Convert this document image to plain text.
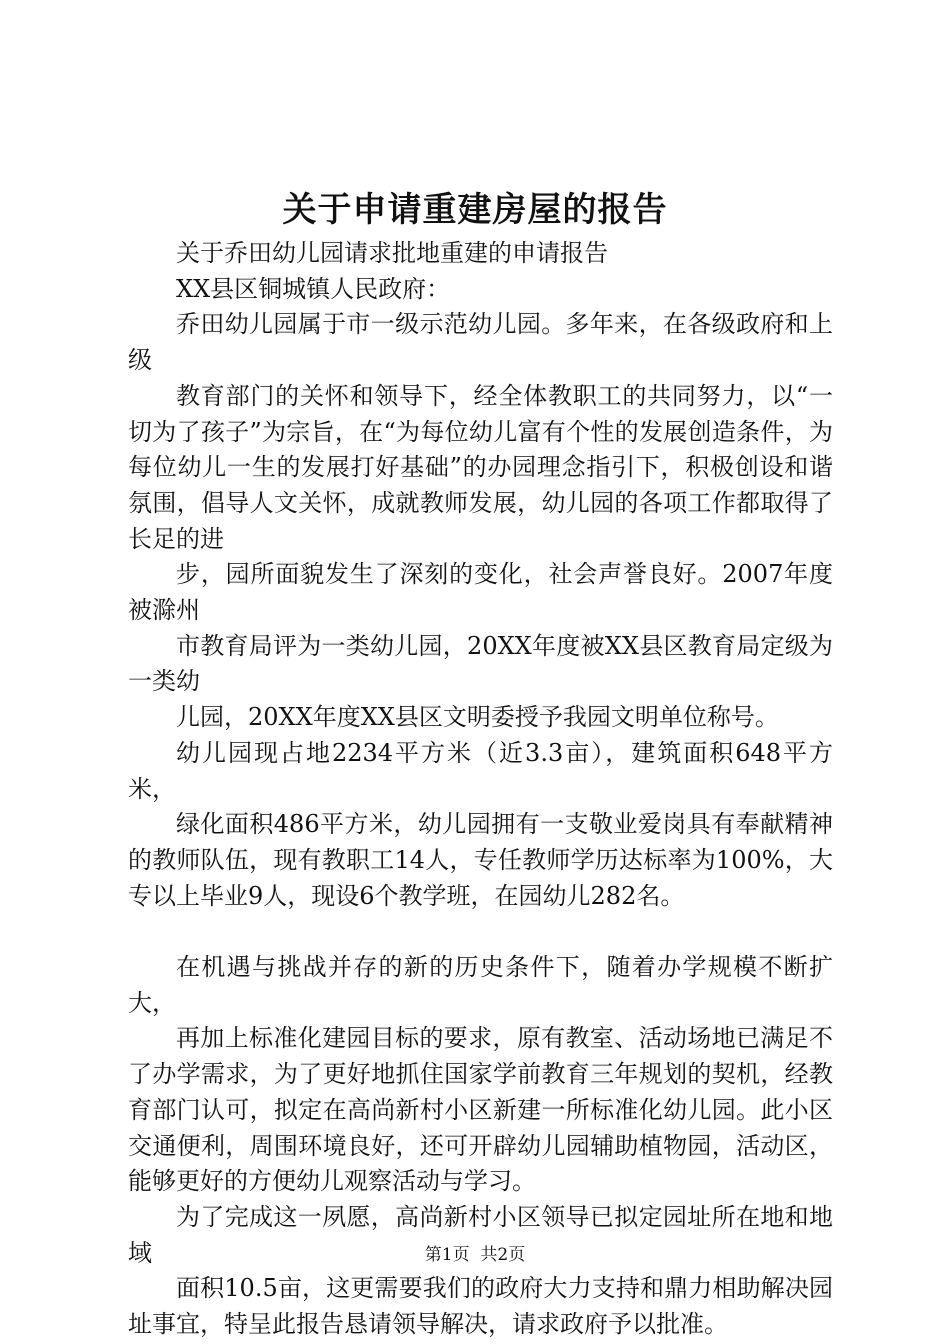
关于申请重建房屋的报告

关于乔田幼儿园请求批地重建的申请报告

XX县区铜城镇人民政府：

乔田幼儿园属于市一级示范幼儿园。多年来，在各级政府和上级

教育部门的关怀和领导下，经全体教职工的共同努力，以“一切为了孩子”为宗旨，在“为每位幼儿富有个性的发展创造条件，为每位幼儿一生的发展打好基础”的办园理念指引下，积极创设和谐氛围，倡导人文关怀，成就教师发展，幼儿园的各项工作都取得了长足的进

步，园所面貌发生了深刻的变化，社会声誉良好。2007年度被滁州

市教育局评为一类幼儿园，20XX年度被XX县区教育局定级为一类幼

儿园，20XX年度XX县区文明委授予我园文明单位称号。

幼儿园现占地2234平方米（近3.3亩），建筑面积648平方米，

绿化面积486平方米，幼儿园拥有一支敬业爱岗具有奉献精神的教师队伍，现有教职工14人，专任教师学历达标率为100%，大专以上毕业9人，现设6个教学班，在园幼儿282名。

在机遇与挑战并存的新的历史条件下，随着办学规模不断扩大，

再加上标准化建园目标的要求，原有教室、活动场地已满足不了办学需求，为了更好地抓住国家学前教育三年规划的契机，经教育部门认可，拟定在高尚新村小区新建一所标准化幼儿园。此小区交通便利，周围环境良好，还可开辟幼儿园辅助植物园，活动区，能够更好的方便幼儿观察活动与学习。

为了完成这一夙愿，高尚新村小区领导已拟定园址所在地和地域

面积10.5亩，这更需要我们的政府大力支持和鼎力相助解决园址事宜，特呈此报告恳请领导解决，请求政府予以批准。

第1页 共2页
